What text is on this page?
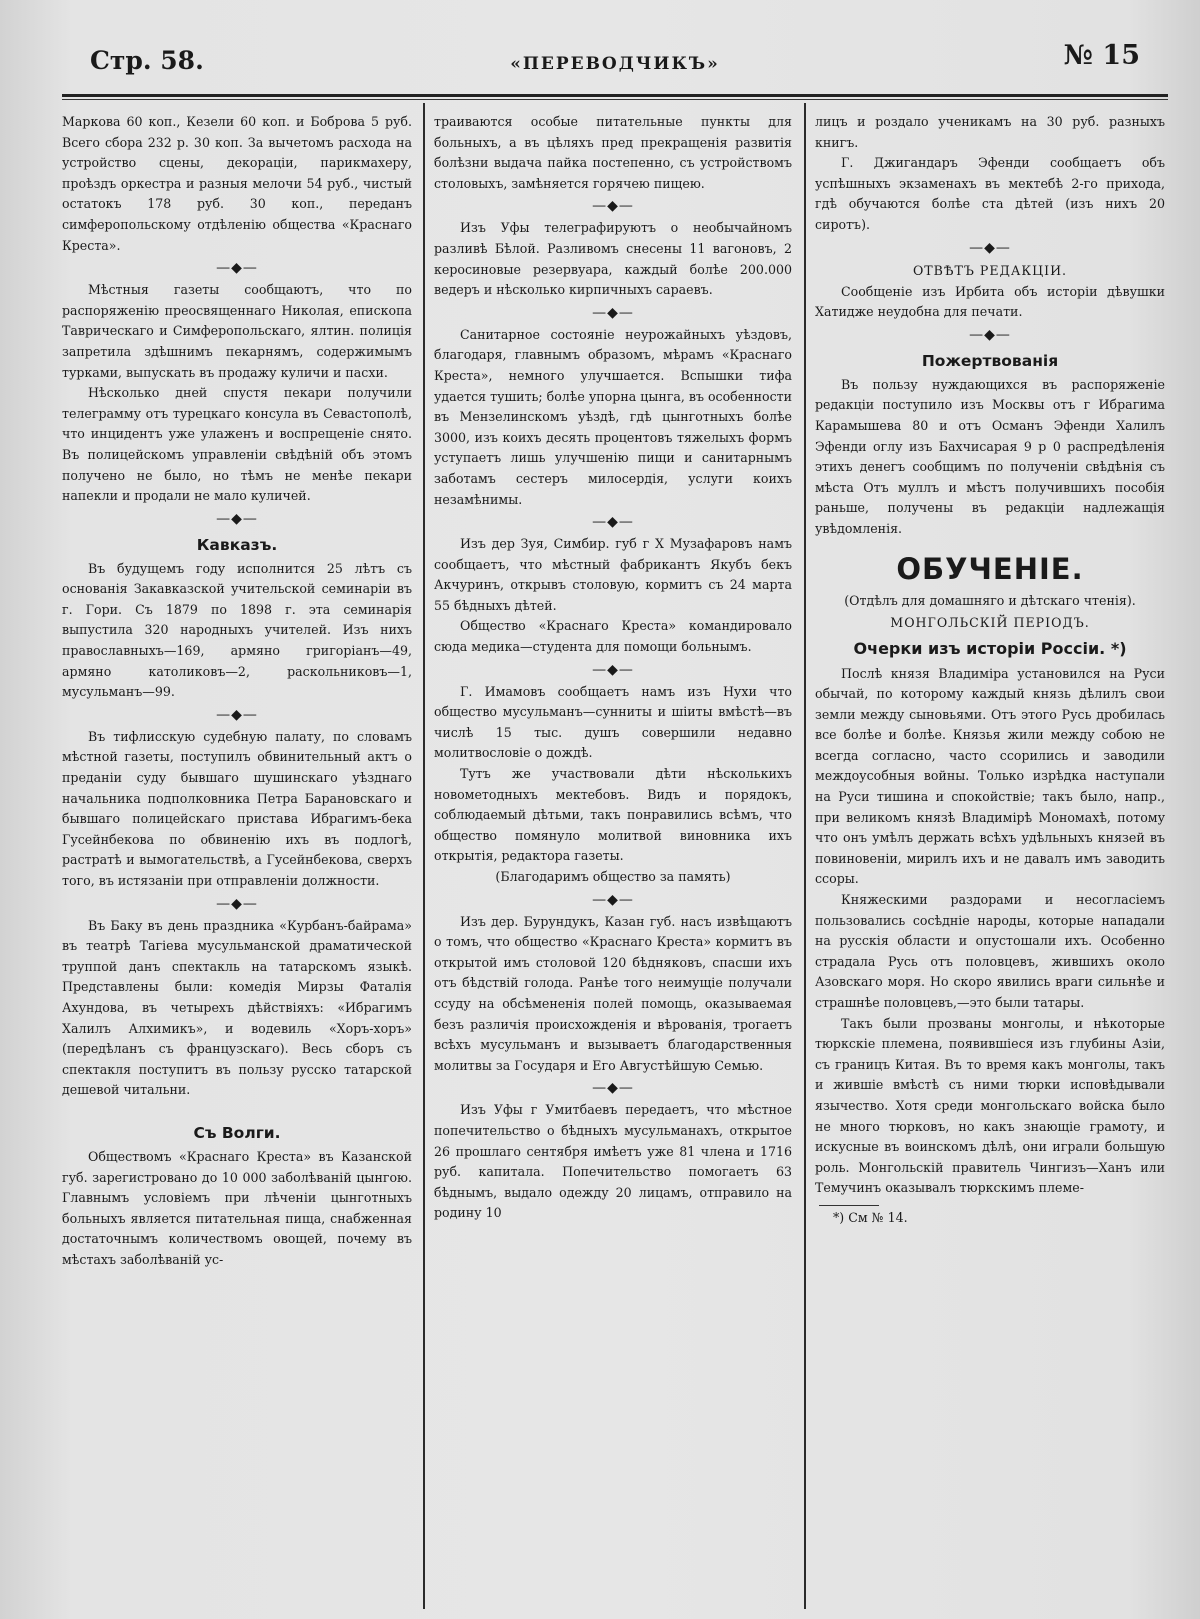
Стр. 58.	«ПЕРЕВОДЧИКЪ»	№ 15

Маркова 60 коп., Кезели 60 коп. и Боброва 5 руб. Всего сбора 232 р. 30 коп. За вычетомъ расхода на устройство сцены, декорацiи, парикмахеру, проѣздъ оркестра и разныя мелочи 54 руб., чистый остатокъ 178 руб. 30 коп., переданъ симферопольскому отдѣленiю общества «Краснаго Креста».

—◆—

Мѣстныя газеты сообщаютъ, что по распоряженiю преосвященнаго Николая, епископа Таврическаго и Симферопольскаго, ялтин. полицiя запретила здѣшнимъ пекарнямъ, содержимымъ турками, выпускать въ продажу куличи и пасхи.

Нѣсколько дней спустя пекари получили телеграмму отъ турецкаго консула въ Севастополѣ, что инцидентъ уже улаженъ и воспрещенiе снято. Въ полицейскомъ управленiи свѣдѣнiй объ этомъ получено не было, но тѣмъ не менѣе пекари напекли и продали не мало куличей.

—◆—
Кавказъ.

Въ будущемъ году исполнится 25 лѣтъ съ основанiя Закавказской учительской семинарiи въ г. Гори. Съ 1879 по 1898 г. эта семинарiя выпустила 320 народныхъ учителей. Изъ нихъ православныхъ—169, армяно григорiанъ—49, армяно католиковъ—2, раскольниковъ—1, мусульманъ—99.

—◆—

Въ тифлисскую судебную палату, по словамъ мѣстной газеты, поступилъ обвинительный актъ о преданiи суду бывшаго шушинскаго уѣзднаго начальника подполковника Петра Барановскаго и бывшаго полицейскаго пристава Ибрагимъ-бека Гусейнбекова по обвиненiю ихъ въ подлогѣ, растратѣ и вымогательствѣ, а Гусейнбекова, сверхъ того, въ истязанiи при отправленiи должности.

—◆—

Въ Баку въ день праздника «Курбанъ-байрама» въ театрѣ Тагiева мусульманской драматической труппой данъ спектакль на татарскомъ языкѣ. Представлены были: комедiя Мирзы Фаталiя Ахундова, въ четырехъ дѣйствiяхъ: «Ибрагимъ Халилъ Алхимикъ», и водевиль «Хоръ-хоръ» (передѣланъ съ французскаго). Весь сборъ съ спектакля поступитъ въ пользу русско татарской дешевой читальни.

Съ Волги.

Обществомъ «Краснаго Креста» въ Казанской губ. зарегистровано до 10 000 заболѣванiй цынгою. Главнымъ условiемъ при лѣченiи цынготныхъ больныхъ является питательная пища, снабженная достаточнымъ количествомъ овощей, почему въ мѣстахъ заболѣванiй ус-

траиваются особые питательные пункты для больныхъ, а въ цѣляхъ пред прекращенiя развитiя болѣзни выдача пайка постепенно, съ устройствомъ столовыхъ, замѣняется горячею пищею.

—◆—

Изъ Уфы телеграфируютъ о необычайномъ разливѣ Бѣлой. Разливомъ снесены 11 вагоновъ, 2 керосиновые резервуара, каждый болѣе 200.000 ведеръ и нѣсколько кирпичныхъ сараевъ.

—◆—

Санитарное состоянiе неурожайныхъ уѣздовъ, благодаря, главнымъ образомъ, мѣрамъ «Краснаго Креста», немного улучшается. Вспышки тифа удается тушить; болѣе упорна цынга, въ особенности въ Мензелинскомъ уѣздѣ, гдѣ цынготныхъ болѣе 3000, изъ коихъ десять процентовъ тяжелыхъ формъ уступаетъ лишь улучшенiю пищи и санитарнымъ заботамъ сестеръ милосердiя, услуги коихъ незамѣнимы.

—◆—

Изъ дер Зуя, Симбир. губ г Х Музафаровъ намъ сообщаетъ, что мѣстный фабрикантъ Якубъ бекъ Акчуринъ, открывъ столовую, кормитъ съ 24 марта 55 бѣдныхъ дѣтей.

Общество «Краснаго Креста» командировало сюда медика—студента для помощи больнымъ.

—◆—

Г. Имамовъ сообщаетъ намъ изъ Нухи что общество мусульманъ—сунниты и шiиты вмѣстѣ—въ числѣ 15 тыс. душъ совершили недавно молитвословiе о дождѣ.

Тутъ же участвовали дѣти нѣсколькихъ новометодныхъ мектебовъ. Видъ и порядокъ, соблюдаемый дѣтьми, такъ понравились всѣмъ, что общество помянуло молитвой виновника ихъ открытiя, редактора газеты.

(Благодаримъ общество за память)

—◆—

Изъ дер. Бурундукъ, Казан губ. насъ извѣщаютъ о томъ, что общество «Краснаго Креста» кормитъ въ открытой имъ столовой 120 бѣдняковъ, спасши ихъ отъ бѣдствiй голода. Ранѣе того неимущiе получали ссуду на обсѣмененiя полей помощь, оказываемая безъ различiя происхожденiя и вѣрованiя, трогаетъ всѣхъ мусульманъ и вызываетъ благодарственныя молитвы за Государя и Его Августѣйшую Семью.

—◆—

Изъ Уфы г Умитбаевъ передаетъ, что мѣстное попечительство о бѣдныхъ мусульманахъ, открытое 26 прошлаго сентября имѣетъ уже 81 члена и 1716 руб. капитала. Попечительство помогаетъ 63 бѣднымъ, выдало одежду 20 лицамъ, отправило на родину 10

лицъ и роздало ученикамъ на 30 руб. разныхъ книгъ.

Г. Джигандаръ Эфенди сообщаетъ объ успѣшныхъ экзаменахъ въ мектебѣ 2-го прихода, гдѣ обучаются болѣе ста дѣтей (изъ нихъ 20 сиротъ).

—◆—
ОТВѢТЪ РЕДАКЦIИ.

Сообщенiе изъ Ирбита объ исторiи дѣвушки Хатидже неудобна для печати.

—◆—
Пожертвованiя

Въ пользу нуждающихся въ распоряженiе редакцiи поступило изъ Москвы отъ г Ибрагима Карамышева 80 и отъ Османъ Эфенди Халилъ Эфенди оглу изъ Бахчисарая 9 р 0 распредѣленiя этихъ денегъ сообщимъ по полученiи свѣдѣнiя съ мѣста Отъ муллъ и мѣстъ получившихъ пособiя раньше, получены въ редакцiи надлежащiя увѣдомленiя.

ОБУЧЕНIЕ.
(Отдѣлъ для домашняго и дѣтскаго чтенiя).
МОНГОЛЬСКIЙ ПЕРIОДЪ.
Очерки изъ исторiи Россiи. *)

Послѣ князя Владимiра установился на Руси обычай, по которому каждый князь дѣлилъ свои земли между сыновьями. Отъ этого Русь дробилась все болѣе и болѣе. Князья жили между собою не всегда согласно, часто ссорились и заводили междоусобныя войны. Только изрѣдка наступали на Руси тишина и спокойствiе; такъ было, напр., при великомъ князѣ Владимiрѣ Мономахѣ, потому что онъ умѣлъ держать всѣхъ удѣльныхъ князей въ повиновенiи, мирилъ ихъ и не давалъ имъ заводить ссоры.

Княжескими раздорами и несогласiемъ пользовались сосѣднiе народы, которые нападали на русскiя области и опустошали ихъ. Особенно страдала Русь отъ половцевъ, жившихъ около Азовскаго моря. Но скоро явились враги сильнѣе и страшнѣе половцевъ,—это были татары.

Такъ были прозваны монголы, и нѣкоторые тюркскiе племена, появившiеся изъ глубины Азiи, съ границъ Китая. Въ то время какъ монголы, такъ и жившiе вмѣстѣ съ ними тюрки исповѣдывали язычество. Хотя среди монгольскаго войска было не много тюрковъ, но какъ знающiе грамоту, и искусные въ воинскомъ дѣлѣ, они играли большую роль. Монгольскiй правитель Чингизъ—Ханъ или Темучинъ оказывалъ тюркскимъ племе-

*) См № 14.
